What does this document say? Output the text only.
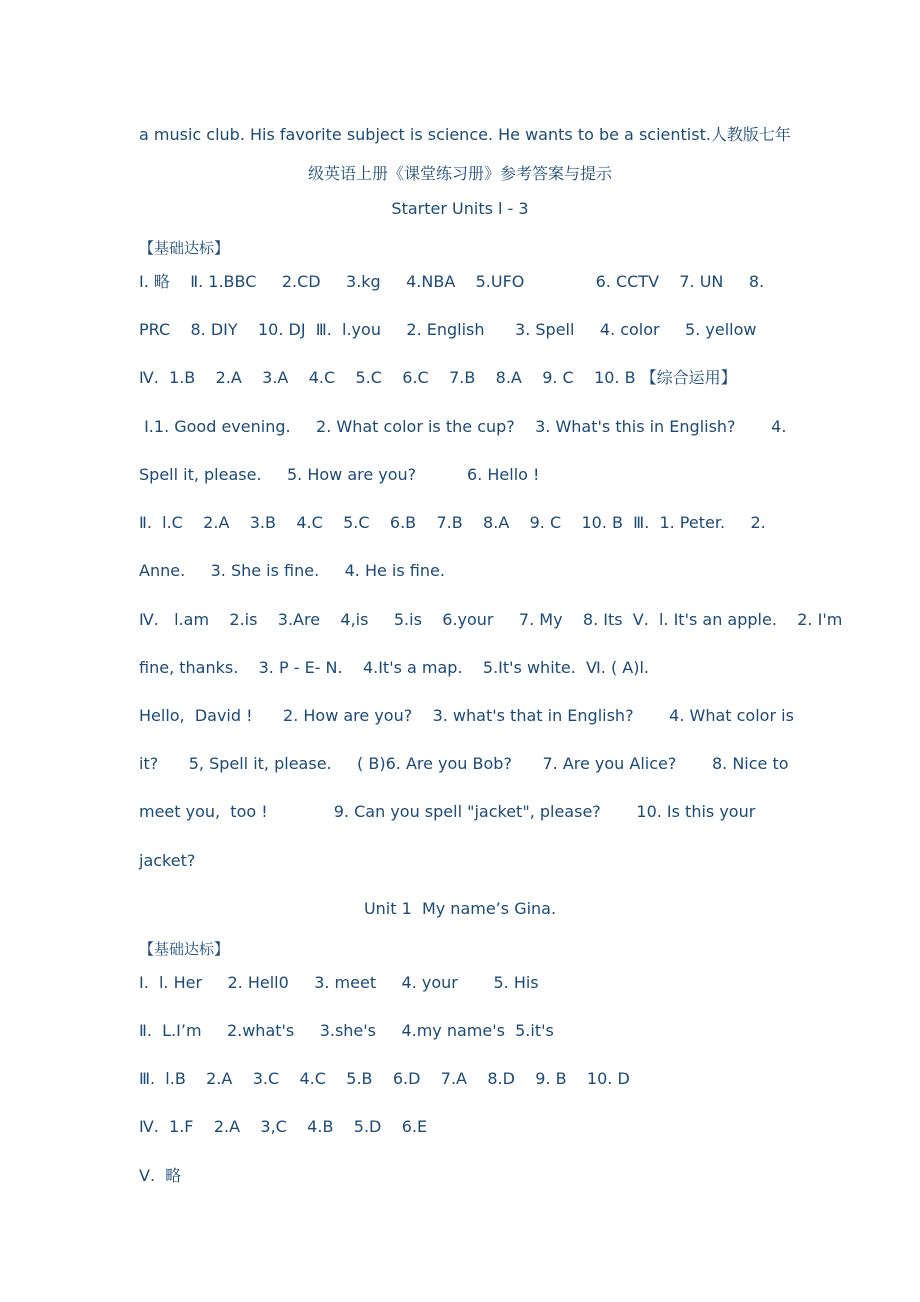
a music club. His favorite subject is science. He wants to be a scientist.人教版七年
级英语上册《课堂练习册》参考答案与提示
Starter Units l - 3
【基础达标】
Ⅰ. 略    Ⅱ. 1.BBC     2.CD     3.kg     4.NBA    5.UFO              6. CCTV    7. UN     8.
PRC    8. DIY    10. DJ  Ⅲ.  l.you     2. English      3. Spell     4. color     5. yellow
Ⅳ.  1.B    2.A    3.A    4.C    5.C    6.C    7.B    8.A    9. C    10. B 【综合运用】
Ⅰ.1. Good evening.     2. What color is the cup?    3. What's this in English?       4.
Spell it, please.     5. How are you?          6. Hello !
Ⅱ.  l.C    2.A    3.B    4.C    5.C    6.B    7.B    8.A    9. C    10. B  Ⅲ.  1. Peter.     2.
Anne.     3. She is fine.     4. He is fine.
Ⅳ.   l.am    2.is    3.Are    4,is     5.is    6.your     7. My    8. Its  Ⅴ.  l. It's an apple.    2. I'm
fine, thanks.    3. P - E- N.    4.It's a map.    5.It's white.  Ⅵ. ( A)l.
Hello,  David !      2. How are you?    3. what's that in English?       4. What color is
it?      5, Spell it, please.     ( B)6. Are you Bob?      7. Are you Alice?       8. Nice to
meet you,  too !             9. Can you spell "jacket", please?       10. Is this your
jacket?
Unit 1  My name’s Gina.
【基础达标】
Ⅰ.  l. Her     2. Hell0     3. meet     4. your       5. His
Ⅱ.  L.I’m     2.what's     3.she's     4.my name's  5.it's
Ⅲ.  l.B    2.A    3.C    4.C    5.B    6.D    7.A    8.D    9. B    10. D
Ⅳ.  1.F    2.A    3,C    4.B    5.D    6.E
Ⅴ.  略
